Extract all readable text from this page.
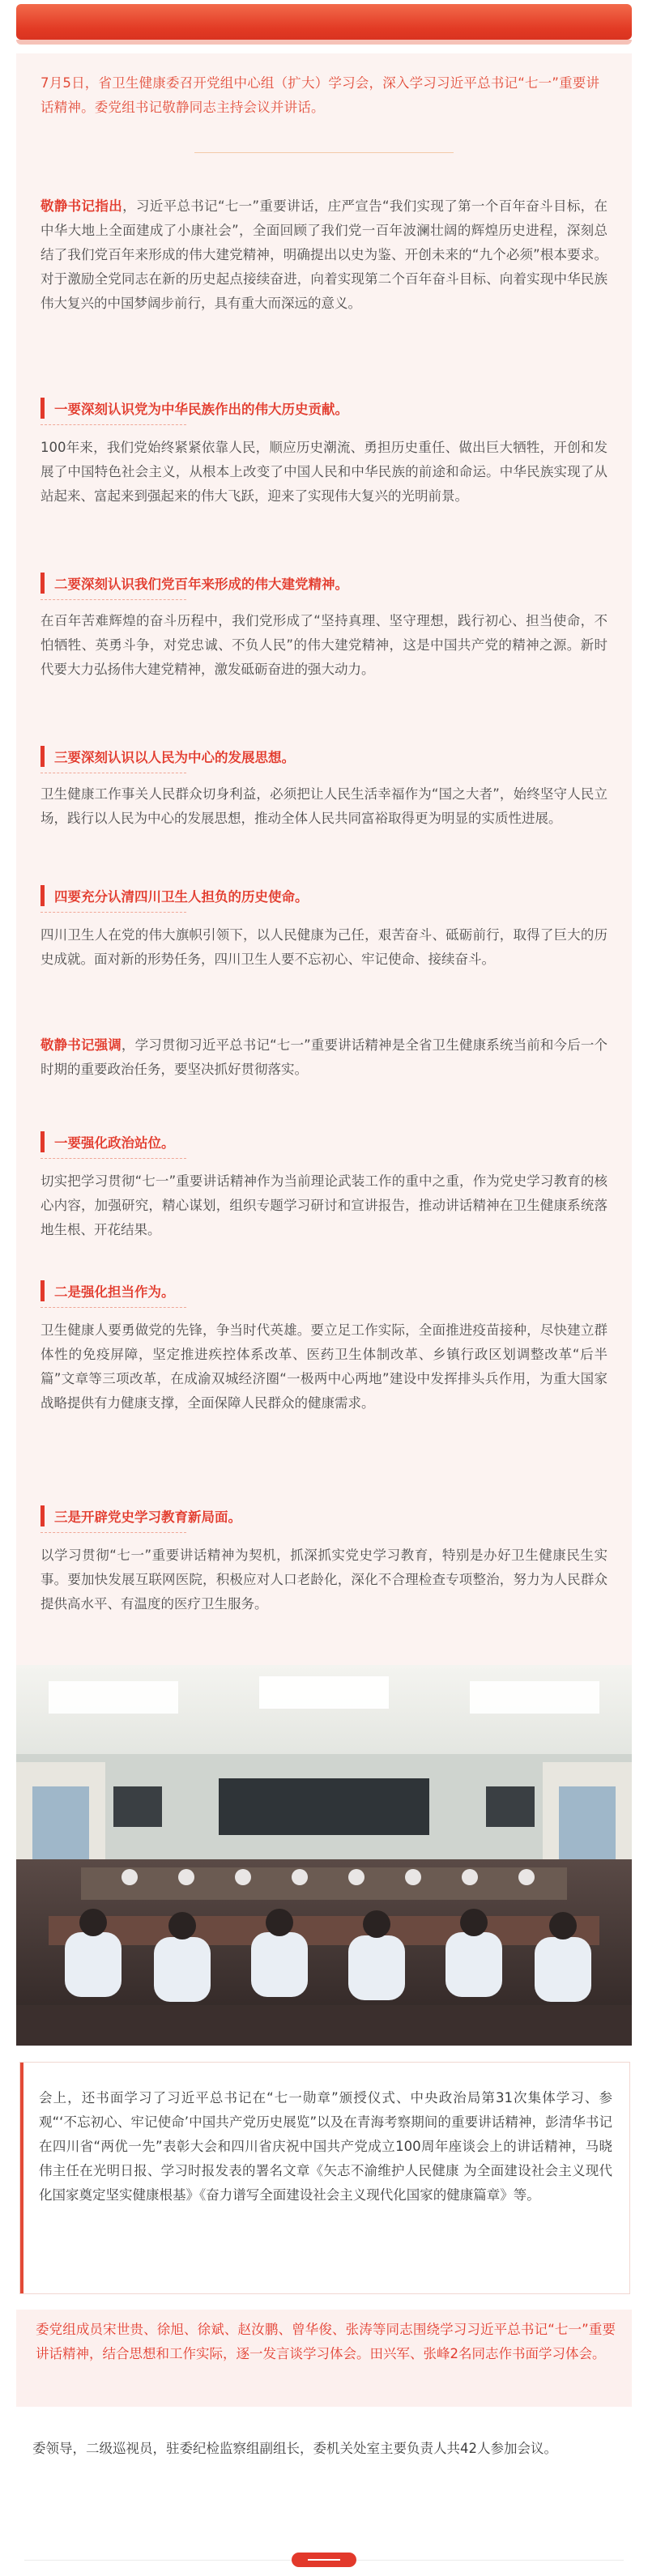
7月5日，省卫生健康委召开党组中心组（扩大）学习会，深入学习习近平总书记“七一”重要讲话精神。委党组书记敬静同志主持会议并讲话。
敬静书记指出，习近平总书记“七一”重要讲话，庄严宣告“我们实现了第一个百年奋斗目标，在中华大地上全面建成了小康社会”，全面回顾了我们党一百年波澜壮阔的辉煌历史进程，深刻总结了我们党百年来形成的伟大建党精神，明确提出以史为鉴、开创未来的“九个必须”根本要求。对于激励全党同志在新的历史起点接续奋进，向着实现第二个百年奋斗目标、向着实现中华民族伟大复兴的中国梦阔步前行，具有重大而深远的意义。
一要深刻认识党为中华民族作出的伟大历史贡献。
100年来，我们党始终紧紧依靠人民，顺应历史潮流、勇担历史重任、做出巨大牺牲，开创和发展了中国特色社会主义，从根本上改变了中国人民和中华民族的前途和命运。中华民族实现了从站起来、富起来到强起来的伟大飞跃，迎来了实现伟大复兴的光明前景。
二要深刻认识我们党百年来形成的伟大建党精神。
在百年苦难辉煌的奋斗历程中，我们党形成了“坚持真理、坚守理想，践行初心、担当使命，不怕牺牲、英勇斗争，对党忠诚、不负人民”的伟大建党精神，这是中国共产党的精神之源。新时代要大力弘扬伟大建党精神，激发砥砺奋进的强大动力。
三要深刻认识以人民为中心的发展思想。
卫生健康工作事关人民群众切身利益，必须把让人民生活幸福作为“国之大者”，始终坚守人民立场，践行以人民为中心的发展思想，推动全体人民共同富裕取得更为明显的实质性进展。
四要充分认清四川卫生人担负的历史使命。
四川卫生人在党的伟大旗帜引领下，以人民健康为己任，艰苦奋斗、砥砺前行，取得了巨大的历史成就。面对新的形势任务，四川卫生人要不忘初心、牢记使命、接续奋斗。
敬静书记强调，学习贯彻习近平总书记“七一”重要讲话精神是全省卫生健康系统当前和今后一个时期的重要政治任务，要坚决抓好贯彻落实。
一要强化政治站位。
切实把学习贯彻“七一”重要讲话精神作为当前理论武装工作的重中之重，作为党史学习教育的核心内容，加强研究，精心谋划，组织专题学习研讨和宣讲报告，推动讲话精神在卫生健康系统落地生根、开花结果。
二是强化担当作为。
卫生健康人要勇做党的先锋，争当时代英雄。要立足工作实际，全面推进疫苗接种，尽快建立群体性的免疫屏障，坚定推进疾控体系改革、医药卫生体制改革、乡镇行政区划调整改革“后半篇”文章等三项改革，在成渝双城经济圈“一极两中心两地”建设中发挥排头兵作用，为重大国家战略提供有力健康支撑，全面保障人民群众的健康需求。
三是开辟党史学习教育新局面。
以学习贯彻“七一”重要讲话精神为契机，抓深抓实党史学习教育，特别是办好卫生健康民生实事。要加快发展互联网医院，积极应对人口老龄化，深化不合理检查专项整治，努力为人民群众提供高水平、有温度的医疗卫生服务。
会上，还书面学习了习近平总书记在“七一勋章”颁授仪式、中央政治局第31次集体学习、参观“‘不忘初心、牢记使命’中国共产党历史展览”以及在青海考察期间的重要讲话精神，彭清华书记在四川省“两优一先”表彰大会和四川省庆祝中国共产党成立100周年座谈会上的讲话精神，马晓伟主任在光明日报、学习时报发表的署名文章《矢志不渝维护人民健康 为全面建设社会主义现代化国家奠定坚实健康根基》《奋力谱写全面建设社会主义现代化国家的健康篇章》等。
委党组成员宋世贵、徐旭、徐斌、赵汝鹏、曾华俊、张涛等同志围绕学习习近平总书记“七一”重要讲话精神，结合思想和工作实际，逐一发言谈学习体会。田兴军、张峰2名同志作书面学习体会。
委领导，二级巡视员，驻委纪检监察组副组长，委机关处室主要负责人共42人参加会议。
